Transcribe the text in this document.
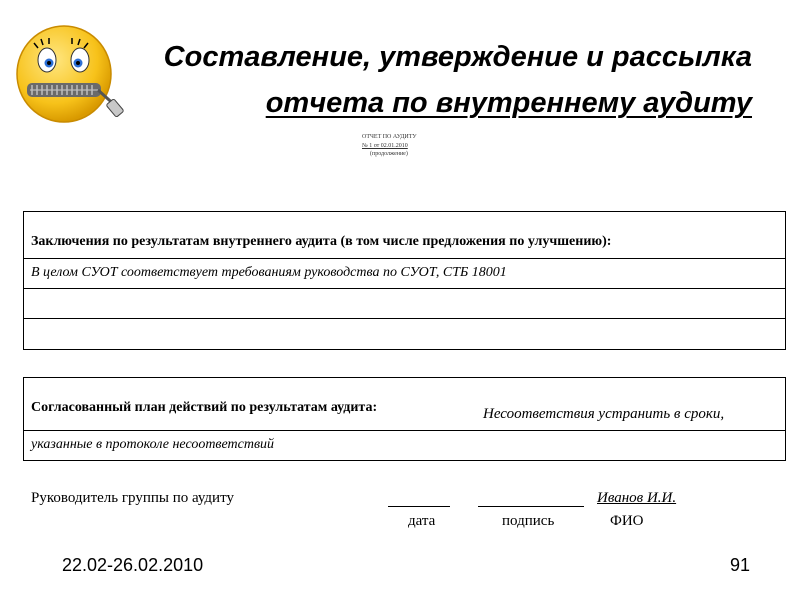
Составление, утверждение и рассылка
отчета по внутреннему аудиту
ОТЧЕТ ПО АУДИТУ
№ 1 от 02.01.2010
(продолжение)
Заключения по результатам внутреннего аудита (в том числе предложения по улучшению):
В целом СУОТ соответствует требованиям руководства по СУОТ, СТБ 18001
Согласованный план действий по результатам аудита:	Несоответствия устранить в сроки,
указанные в протоколе несоответствий
Руководитель группы по аудиту	Иванов И.И.
дата	подпись	ФИО
22.02-26.02.2010	91
